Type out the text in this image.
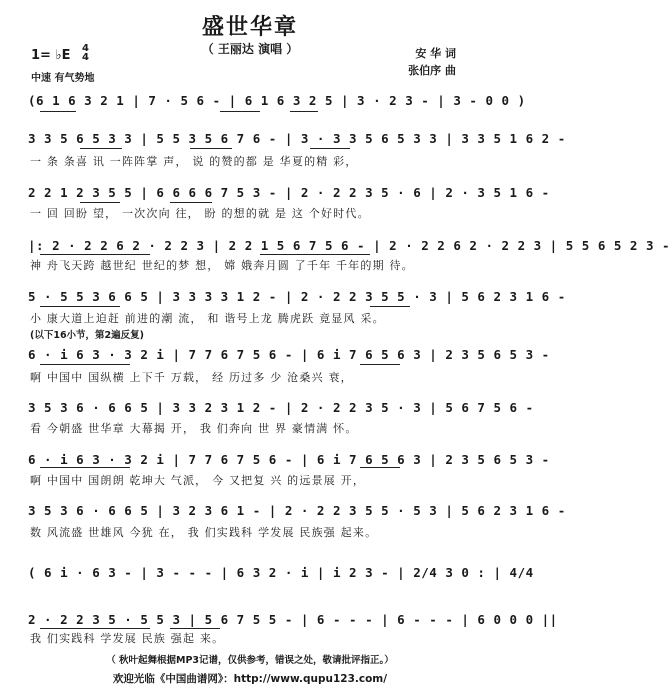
盛世华章
（ 王丽达 演唱 ）	安 华 词
张伯序 曲
1= ♭E 4
4
中速 有气势地
(6 1 6 3 2 1 | 7 · 5 6 - | 6 1 6 3 2 5 | 3 · 2 3 - | 3 - 0 0 )
3 3 5 6 5 3 3 | 5 5 3 5 6 7 6 - | 3 · 3 3 5 6 5 3 3 | 3 3 5 1 6 2 -
一 条 条喜 讯 一阵阵掌 声， 说 的赞的都 是 华夏的精 彩，
2 2 1 2 3 5 5 | 6 6 6 6 7 5 3 - | 2 · 2 2 3 5 · 6 | 2 · 3 5 1 6 -
一 回 回盼 望， 一次次向 往， 盼 的想的就 是 这 个好时代。
|: 2 · 2 2 6 2 · 2 2 3 | 2 2 1 5 6 7 5 6 - | 2 · 2 2 6 2 · 2 2 3 | 5 5 6 5 2 3 -
神 舟飞天跨 越世纪 世纪的梦 想， 嫦 娥奔月圆 了千年 千年的期 待。
5 · 5 5 3 6 6 5 | 3 3 3 3 1 2 - | 2 · 2 2 3 5 5 · 3 | 5 6 2 3 1 6 -
小 康大道上迫赶 前进的潮 流， 和 谐号上龙 腾虎跃 竟显风 采。
(以下16小节，第2遍反复)
6 · i 6 3 · 3 2 i | 7 7 6 7 5 6 - | 6 i 7 6 5 6 3 | 2 3 5 6 5 3 -
啊 中国中 国纵横 上下千 万载， 经 历过多 少 沧桑兴 衰，
3 5 3 6 · 6 6 5 | 3 3 2 3 1 2 - | 2 · 2 2 3 5 · 3 | 5 6 7 5 6 -
看 今朝盛 世华章 大幕揭 开， 我 们奔向 世 界 豪情满 怀。
6 · i 6 3 · 3 2 i | 7 7 6 7 5 6 - | 6 i 7 6 5 6 3 | 2 3 5 6 5 3 -
啊 中国中 国朗朗 乾坤大 气派， 今 又把复 兴 的远景展 开，
3 5 3 6 · 6 6 5 | 3 2 3 6 1 - | 2 · 2 2 3 5 5 · 5 3 | 5 6 2 3 1 6 -
数 风流盛 世雄风 今犹 在， 我 们实践科 学发展 民族强 起来。
( 6 i · 6 3 - | 3 - - - | 6 3 2 · i | i 2 3 - | 2/4 3 0 : | 4/4
2 · 2 2 3 5 · 5 5 3 | 5 6 7 5 5 - | 6 - - - | 6 - - - | 6 0 0 0 ||
我 们实践科 学发展 民族 强起 来。
（ 秋叶起舞根据MP3记谱，仅供参考，错误之处，敬请批评指正。）
欢迎光临《中国曲谱网》：http://www.qupu123.com/
